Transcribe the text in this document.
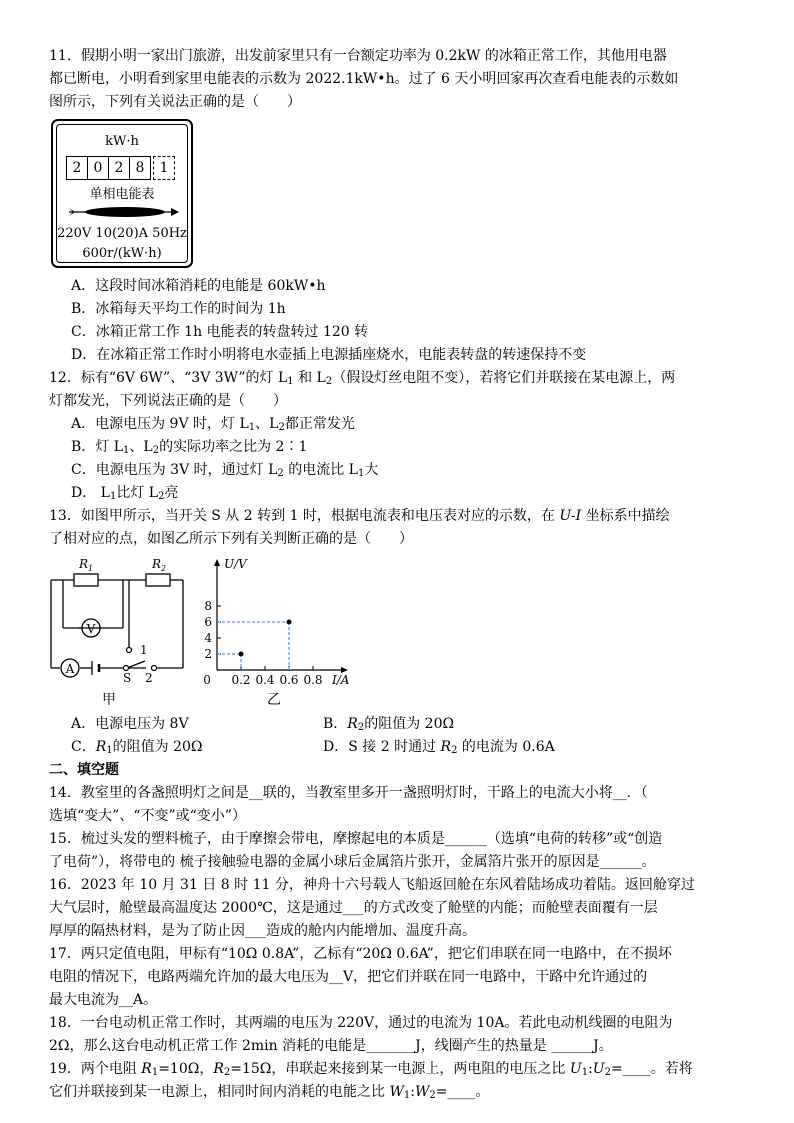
11．假期小明一家出门旅游，出发前家里只有一台额定功率为 0.2kW 的冰箱正常工作，其他用电器
都已断电，小明看到家里电能表的示数为 2022.1kW•h。过了 6 天小明回家再次查看电能表的示数如
图所示，下列有关说法正确的是（　　）
kW·h
2 0 2 8	1
单相电能表
220V 10(20)A 50Hz
600r/(kW·h)
A．这段时间冰箱消耗的电能是 60kW•h
B．冰箱每天平均工作的时间为 1h
C．冰箱正常工作 1h 电能表的转盘转过 120 转
D．在冰箱正常工作时小明将电水壶插上电源插座烧水，电能表转盘的转速保持不变
12．标有“6V 6W”、“3V 3W”的灯 $L_1$ 和 $L_2$（假设灯丝电阻不变），若将它们并联接在某电源上，两
灯都发光，下列说法正确的是（　　）
A．电源电压为 9V 时，灯 $L_1$、$L_2$都正常发光
B．灯 $L_1$、$L_2$的实际功率之比为 2∶1
C．电源电压为 3V 时，通过灯 $L_2$ 的电流比 $L_1$大
D． $L_1$比灯 $L_2$亮
13．如图甲所示，当开关 S 从 2 转到 1 时，根据电流表和电压表对应的示数，在 U-I 坐标系中描绘
了相对应的点，如图乙所示下列有关判断正确的是（　　）
$R_1$	$R_2$
V
A
1
2
S
甲
U/V
I/A
2
4
6
8
0 0.2 0.4 0.6 0.8
乙
A．电源电压为 8V	B．$R_2$的阻值为 20Ω
C．$R_1$的阻值为 20Ω	D．S 接 2 时通过 $R_2$ 的电流为 0.6A
二、填空题
14．教室里的各盏照明灯之间是__联的，当教室里多开一盏照明灯时，干路上的电流大小将__．（
选填“变大”、“不变”或“变小”）
15．梳过头发的塑料梳子，由于摩擦会带电，摩擦起电的本质是______（选填“电荷的转移”或“创造
了电荷”），将带电的 梳子接触验电器的金属小球后金属箔片张开，金属箔片张开的原因是______。
16．2023 年 10 月 31 日 8 时 11 分，神舟十六号载人飞船返回舱在东风着陆场成功着陆。返回舱穿过
大气层时，舱壁最高温度达 2000℃，这是通过___的方式改变了舱壁的内能；而舱壁表面覆有一层
厚厚的隔热材料，是为了防止因___造成的舱内内能增加、温度升高。
17．两只定值电阻，甲标有“10Ω 0.8A”，乙标有“20Ω 0.6A”，把它们串联在同一电路中，在不损坏
电阻的情况下，电路两端允许加的最大电压为__V，把它们并联在同一电路中，干路中允许通过的
最大电流为__A。
18．一台电动机正常工作时，其两端的电压为 220V，通过的电流为 10A。若此电动机线圈的电阻为
2Ω，那么这台电动机正常工作 2min 消耗的电能是_______J，线圈产生的热量是 ______J。
19．两个电阻 $R_1=10\Omega$，$R_2=15\Omega$，串联起来接到某一电源上，两电阻的电压之比 $U_1:U_2=\_\_\_\_$。若将
它们并联接到某一电源上，相同时间内消耗的电能之比 $W_1:W_2=\_\_\_\_$。
